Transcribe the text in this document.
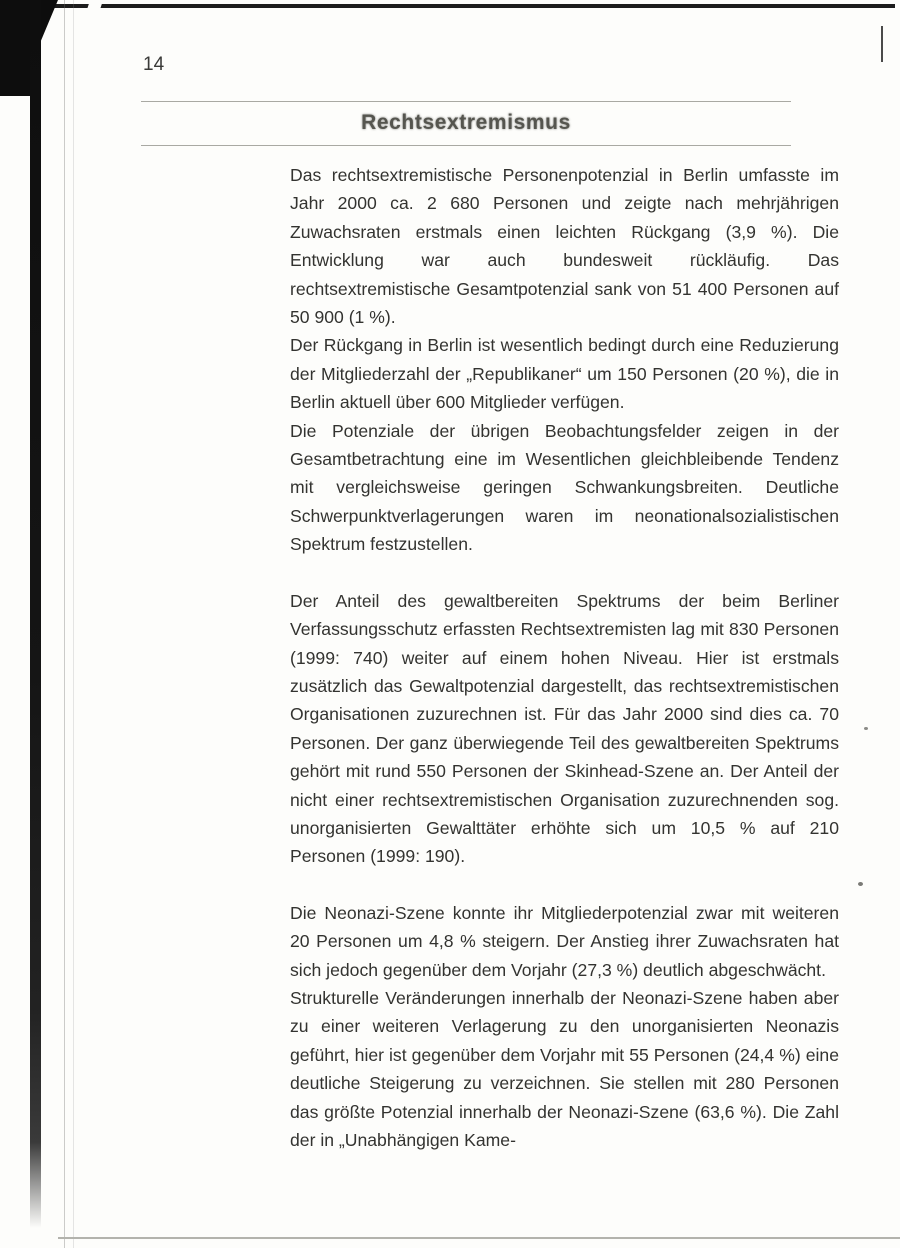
14
Rechtsextremismus

Das rechtsextremistische Personenpotenzial in Berlin umfasste im Jahr 2000 ca. 2 680 Personen und zeigte nach mehrjährigen Zuwachsraten erstmals einen leichten Rückgang (3,9 %). Die Entwicklung war auch bundesweit rückläufig. Das rechtsextremistische Gesamtpotenzial sank von 51 400 Personen auf 50 900 (1 %).

Der Rückgang in Berlin ist wesentlich bedingt durch eine Reduzierung der Mitgliederzahl der „Republikaner“ um 150 Personen (20 %), die in Berlin aktuell über 600 Mitglieder verfügen.

Die Potenziale der übrigen Beobachtungsfelder zeigen in der Gesamtbetrachtung eine im Wesentlichen gleichbleibende Tendenz mit vergleichsweise geringen Schwankungsbreiten. Deutliche Schwerpunktverlagerungen waren im neonationalsozialistischen Spektrum festzustellen.

Der Anteil des gewaltbereiten Spektrums der beim Berliner Verfassungsschutz erfassten Rechtsextremisten lag mit 830 Personen (1999: 740) weiter auf einem hohen Niveau. Hier ist erstmals zusätzlich das Gewaltpotenzial dargestellt, das rechtsextremistischen Organisationen zuzurechnen ist. Für das Jahr 2000 sind dies ca. 70 Personen. Der ganz überwiegende Teil des gewaltbereiten Spektrums gehört mit rund 550 Personen der Skinhead-Szene an. Der Anteil der nicht einer rechtsextremistischen Organisation zuzurechnenden sog. unorganisierten Gewalttäter erhöhte sich um 10,5 % auf 210 Personen (1999: 190).

Die Neonazi-Szene konnte ihr Mitgliederpotenzial zwar mit weiteren 20 Personen um 4,8 % steigern. Der Anstieg ihrer Zuwachsraten hat sich jedoch gegenüber dem Vorjahr (27,3 %) deutlich abgeschwächt.

Strukturelle Veränderungen innerhalb der Neonazi-Szene haben aber zu einer weiteren Verlagerung zu den unorganisierten Neonazis geführt, hier ist gegenüber dem Vorjahr mit 55 Personen (24,4 %) eine deutliche Steigerung zu verzeichnen. Sie stellen mit 280 Personen das größte Potenzial innerhalb der Neonazi-Szene (63,6 %). Die Zahl der in „Unabhängigen Kame-
